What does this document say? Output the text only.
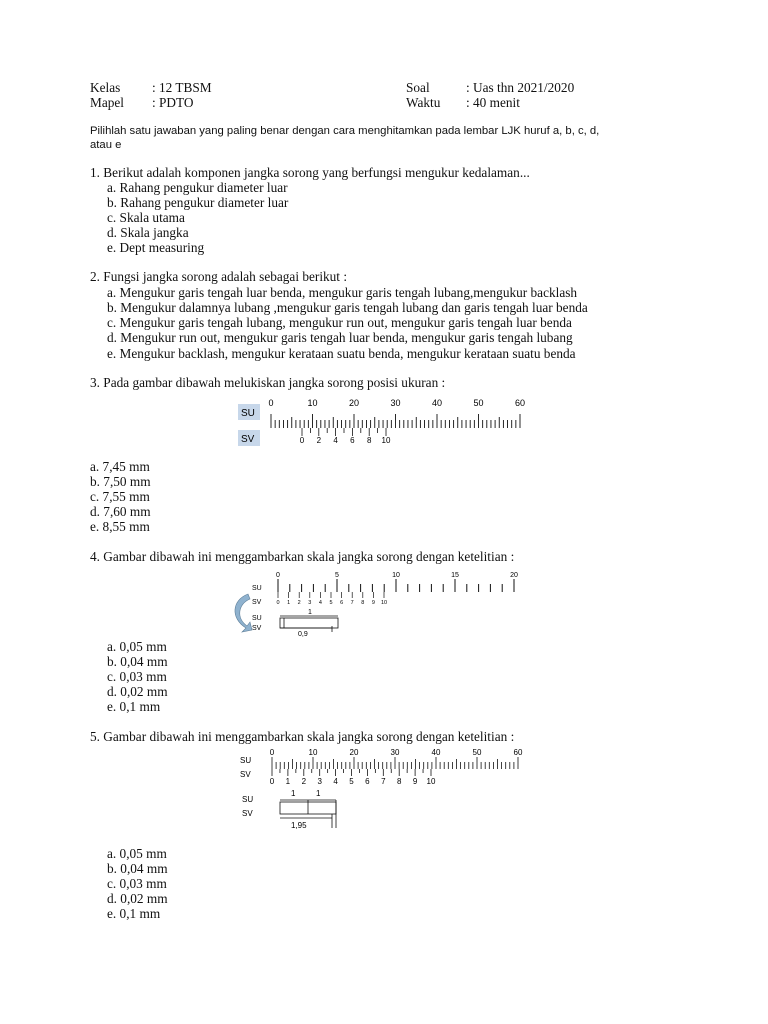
Kelas : 12 TBSM
Mapel : PDTO
Soal	: Uas thn 2021/2020
Waktu : 40 menit
Pilihlah satu jawaban yang paling benar dengan cara menghitamkan pada lembar LJK huruf a, b, c, d,
atau e
1. Berikut adalah komponen jangka sorong yang berfungsi mengukur kedalaman...
a. Rahang pengukur diameter luar
b. Rahang pengukur diameter luar
c. Skala utama
d. Skala jangka
e. Dept measuring
2. Fungsi jangka sorong adalah sebagai berikut :
a. Mengukur garis tengah luar benda, mengukur garis tengah lubang,mengukur backlash
b. Mengukur dalamnya lubang ,mengukur garis tengah lubang dan garis tengah luar benda
c. Mengukur garis tengah lubang, mengukur run out, mengukur garis tengah luar benda
d. Mengukur run out, mengukur garis tengah luar benda, mengukur garis tengah lubang
e. Mengukur backlash, mengukur kerataan suatu benda, mengukur kerataan suatu benda
3. Pada gambar dibawah melukiskan jangka sorong posisi ukuran :
SU
SV
0	10	20	30	40	50	60
0 2 4 6 8 10
a. 7,45 mm
b. 7,50 mm
c. 7,55 mm
d. 7,60 mm
e. 8,55 mm
4. Gambar dibawah ini menggambarkan skala jangka sorong dengan ketelitian :
SU
SV
0	5	10	15	20
0 1 2 3 4 5 6 7 8 9 10
SU
SV
1
0,9
a. 0,05 mm
b. 0,04 mm
c. 0,03 mm
d. 0,02 mm
e. 0,1 mm
5. Gambar dibawah ini menggambarkan skala jangka sorong dengan ketelitian :
SU
SV
0	10	20	30	40	50	60
0 1 2 3 4 5 6 7 8 9 10
SU
SV
1	1
1,95
a. 0,05 mm
b. 0,04 mm
c. 0,03 mm
d. 0,02 mm
e. 0,1 mm
